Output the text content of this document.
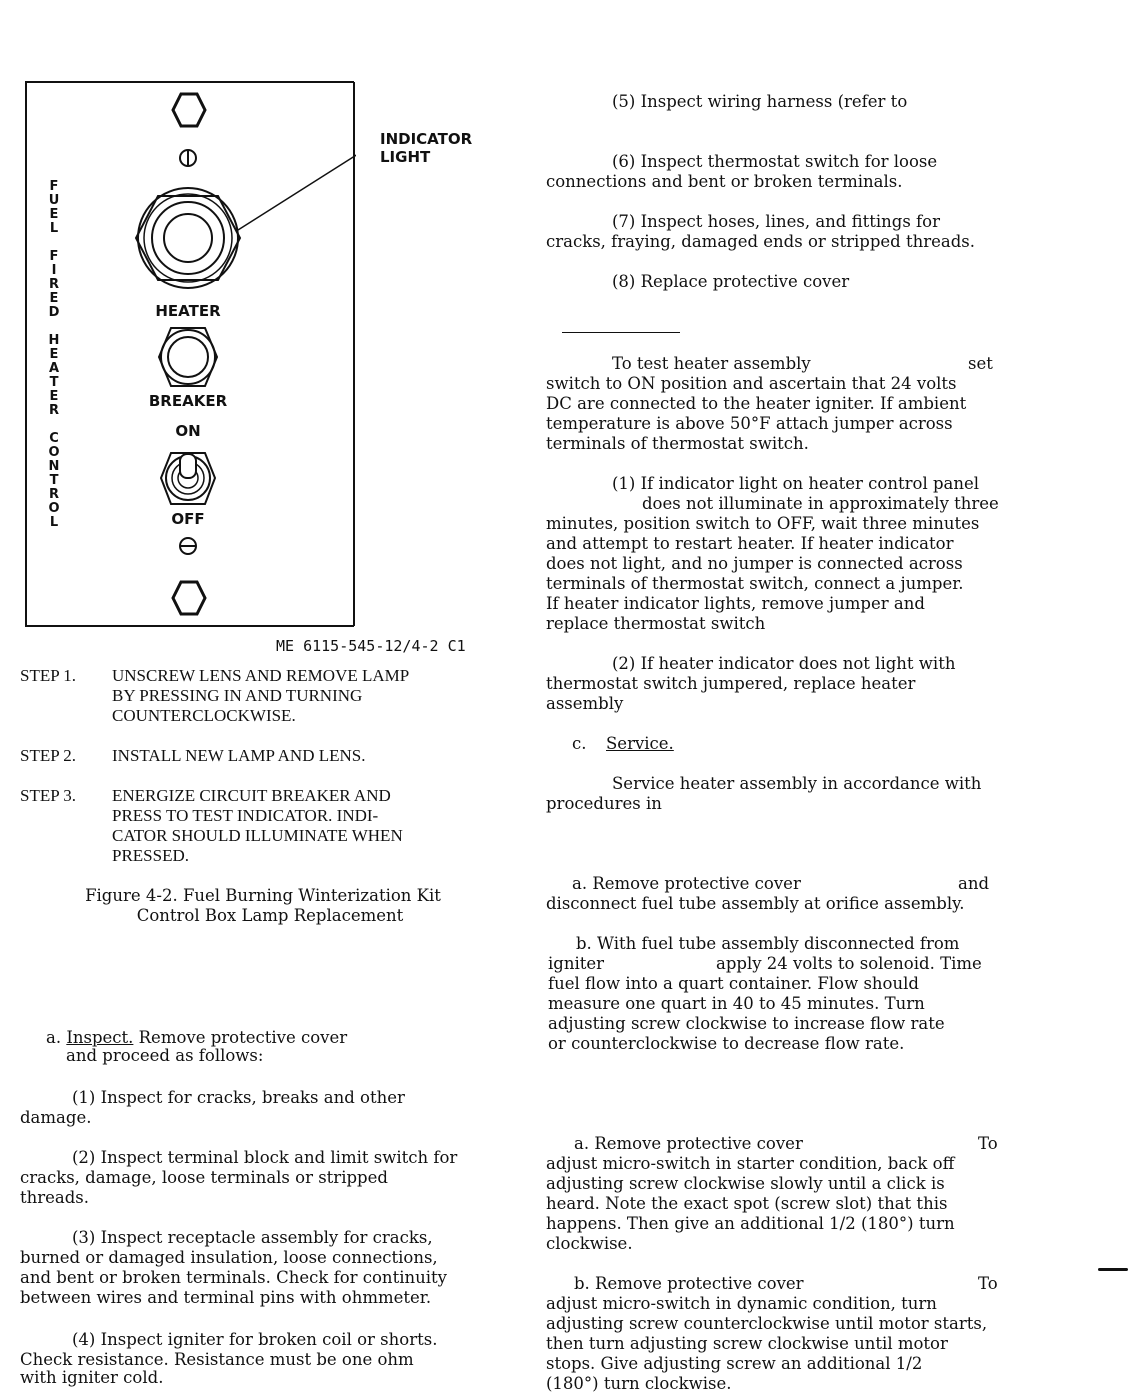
HEATER
BREAKER
ON
OFF
F
U
E
L
F
I
R
E
D
H
E
A
T
E
R
C
O
N
T
R
O
L
INDICATOR
LIGHT
ME 6115-545-12/4-2 C1
STEP 1. UNSCREW LENS AND REMOVE LAMP
BY PRESSING IN AND TURNING
COUNTERCLOCKWISE.
STEP 2. INSTALL NEW LAMP AND LENS.
STEP 3. ENERGIZE CIRCUIT BREAKER AND
PRESS TO TEST INDICATOR. INDI-
CATOR SHOULD ILLUMINATE WHEN
PRESSED.
Figure 4-2. Fuel Burning Winterization Kit
Control Box Lamp Replacement
a. Inspect. Remove protective cover
and proceed as follows:
(1) Inspect for cracks, breaks and other
damage.
(2) Inspect terminal block and limit switch for
cracks, damage, loose terminals or stripped
threads.
(3) Inspect receptacle assembly for cracks,
burned or damaged insulation, loose connections,
and bent or broken terminals. Check for continuity
between wires and terminal pins with ohmmeter.
(4) Inspect igniter for broken coil or shorts.
Check resistance. Resistance must be one ohm
with igniter cold.
(5) Inspect wiring harness (refer to
(6) Inspect thermostat switch for loose
connections and bent or broken terminals.
(7) Inspect hoses, lines, and fittings for
cracks, fraying, damaged ends or stripped threads.
(8) Replace protective cover
To test heater assembly	set
switch to ON position and ascertain that 24 volts
DC are connected to the heater igniter. If ambient
temperature is above 50°F attach jumper across
terminals of thermostat switch.
(1) If indicator light on heater control panel
does not illuminate in approximately three
minutes, position switch to OFF, wait three minutes
and attempt to restart heater. If heater indicator
does not light, and no jumper is connected across
terminals of thermostat switch, connect a jumper.
If heater indicator lights, remove jumper and
replace thermostat switch
(2) If heater indicator does not light with
thermostat switch jumpered, replace heater
assembly
c. Service.
Service heater assembly in accordance with
procedures in
a. Remove protective cover	and
disconnect fuel tube assembly at orifice assembly.
b. With fuel tube assembly disconnected from
igniter	apply 24 volts to solenoid. Time
fuel flow into a quart container. Flow should
measure one quart in 40 to 45 minutes. Turn
adjusting screw clockwise to increase flow rate
or counterclockwise to decrease flow rate.
a. Remove protective cover	To
adjust micro-switch in starter condition, back off
adjusting screw clockwise slowly until a click is
heard. Note the exact spot (screw slot) that this
happens. Then give an additional 1/2 (180°) turn
clockwise.
b. Remove protective cover	To
adjust micro-switch in dynamic condition, turn
adjusting screw counterclockwise until motor starts,
then turn adjusting screw clockwise until motor
stops. Give adjusting screw an additional 1/2
(180°) turn clockwise.
